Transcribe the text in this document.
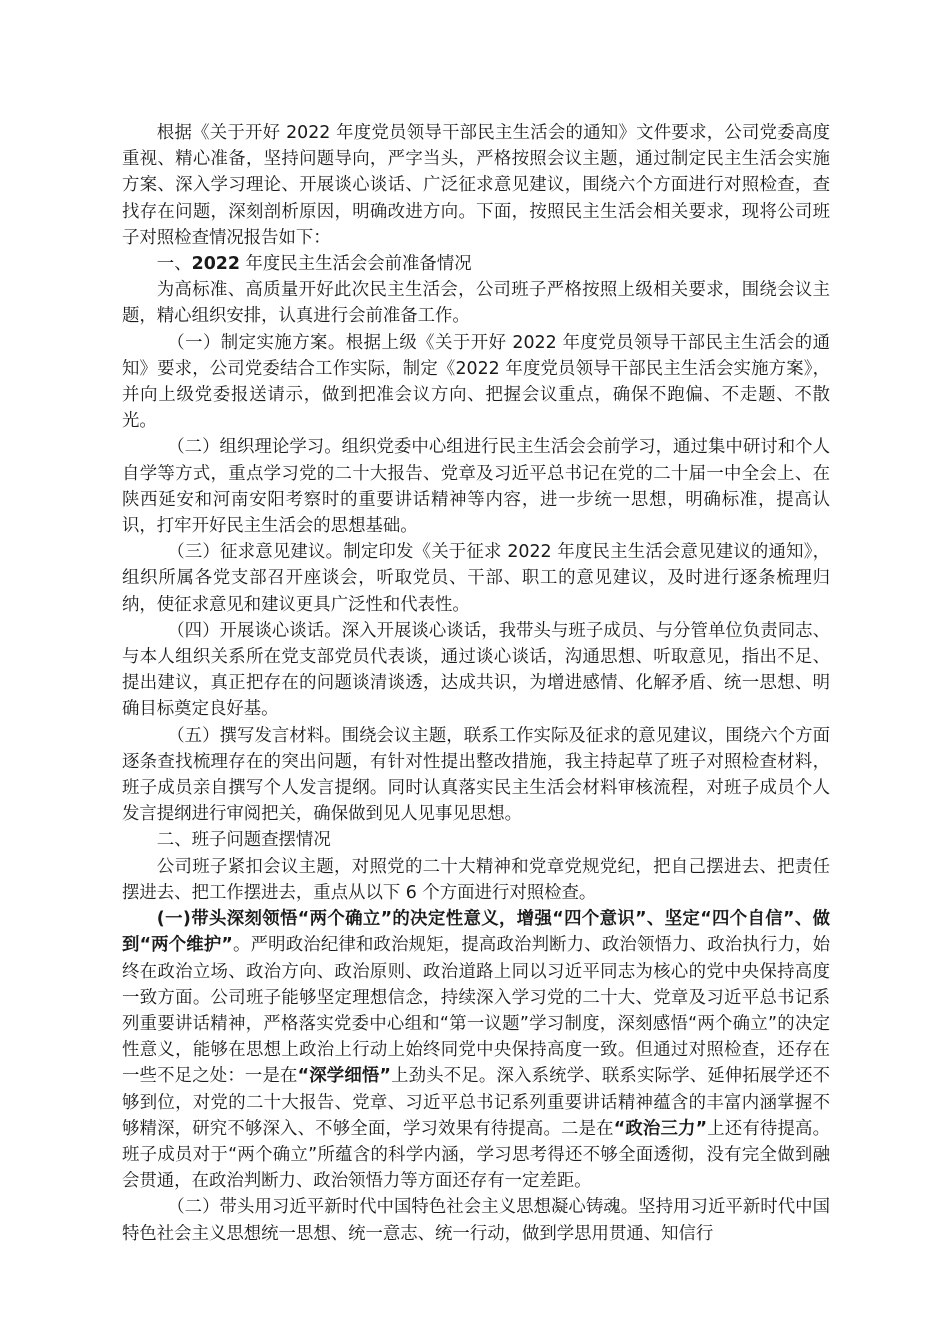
根据《关于开好 2022 年度党员领导干部民主生活会的通知》文件要求，公司党委高度重视、精心准备，坚持问题导向，严字当头，严格按照会议主题，通过制定民主生活会实施方案、深入学习理论、开展谈心谈话、广泛征求意见建议，围绕六个方面进行对照检查，查找存在问题，深刻剖析原因，明确改进方向。下面，按照民主生活会相关要求，现将公司班子对照检查情况报告如下：

一、2022 年度民主生活会会前准备情况

为高标准、高质量开好此次民主生活会，公司班子严格按照上级相关要求，围绕会议主题，精心组织安排，认真进行会前准备工作。

（一）制定实施方案。根据上级《关于开好 2022 年度党员领导干部民主生活会的通知》要求，公司党委结合工作实际，制定《2022 年度党员领导干部民主生活会实施方案》，并向上级党委报送请示，做到把准会议方向、把握会议重点，确保不跑偏、不走题、不散光。

（二）组织理论学习。组织党委中心组进行民主生活会会前学习，通过集中研讨和个人自学等方式，重点学习党的二十大报告、党章及习近平总书记在党的二十届一中全会上、在陕西延安和河南安阳考察时的重要讲话精神等内容，进一步统一思想，明确标准，提高认识，打牢开好民主生活会的思想基础。

（三）征求意见建议。制定印发《关于征求 2022 年度民主生活会意见建议的通知》，组织所属各党支部召开座谈会，听取党员、干部、职工的意见建议，及时进行逐条梳理归纳，使征求意见和建议更具广泛性和代表性。

（四）开展谈心谈话。深入开展谈心谈话，我带头与班子成员、与分管单位负责同志、与本人组织关系所在党支部党员代表谈，通过谈心谈话，沟通思想、听取意见，指出不足、提出建议，真正把存在的问题谈清谈透，达成共识，为增进感情、化解矛盾、统一思想、明确目标奠定良好基。

（五）撰写发言材料。围绕会议主题，联系工作实际及征求的意见建议，围绕六个方面逐条查找梳理存在的突出问题，有针对性提出整改措施，我主持起草了班子对照检查材料，班子成员亲自撰写个人发言提纲。同时认真落实民主生活会材料审核流程，对班子成员个人发言提纲进行审阅把关，确保做到见人见事见思想。

二、班子问题查摆情况

公司班子紧扣会议主题，对照党的二十大精神和党章党规党纪，把自己摆进去、把责任摆进去、把工作摆进去，重点从以下 6 个方面进行对照检查。

(一)带头深刻领悟“两个确立”的决定性意义，增强“四个意识”、坚定“四个自信”、做到“两个维护”。严明政治纪律和政治规矩，提高政治判断力、政治领悟力、政治执行力，始终在政治立场、政治方向、政治原则、政治道路上同以习近平同志为核心的党中央保持高度一致方面。公司班子能够坚定理想信念，持续深入学习党的二十大、党章及习近平总书记系列重要讲话精神，严格落实党委中心组和“第一议题”学习制度，深刻感悟“两个确立”的决定性意义，能够在思想上政治上行动上始终同党中央保持高度一致。但通过对照检查，还存在一些不足之处：一是在“深学细悟”上劲头不足。深入系统学、联系实际学、延伸拓展学还不够到位，对党的二十大报告、党章、习近平总书记系列重要讲话精神蕴含的丰富内涵掌握不够精深，研究不够深入、不够全面，学习效果有待提高。二是在“政治三力”上还有待提高。班子成员对于“两个确立”所蕴含的科学内涵，学习思考得还不够全面透彻，没有完全做到融会贯通，在政治判断力、政治领悟力等方面还存有一定差距。

（二）带头用习近平新时代中国特色社会主义思想凝心铸魂。坚持用习近平新时代中国特色社会主义思想统一思想、统一意志、统一行动，做到学思用贯通、知信行
